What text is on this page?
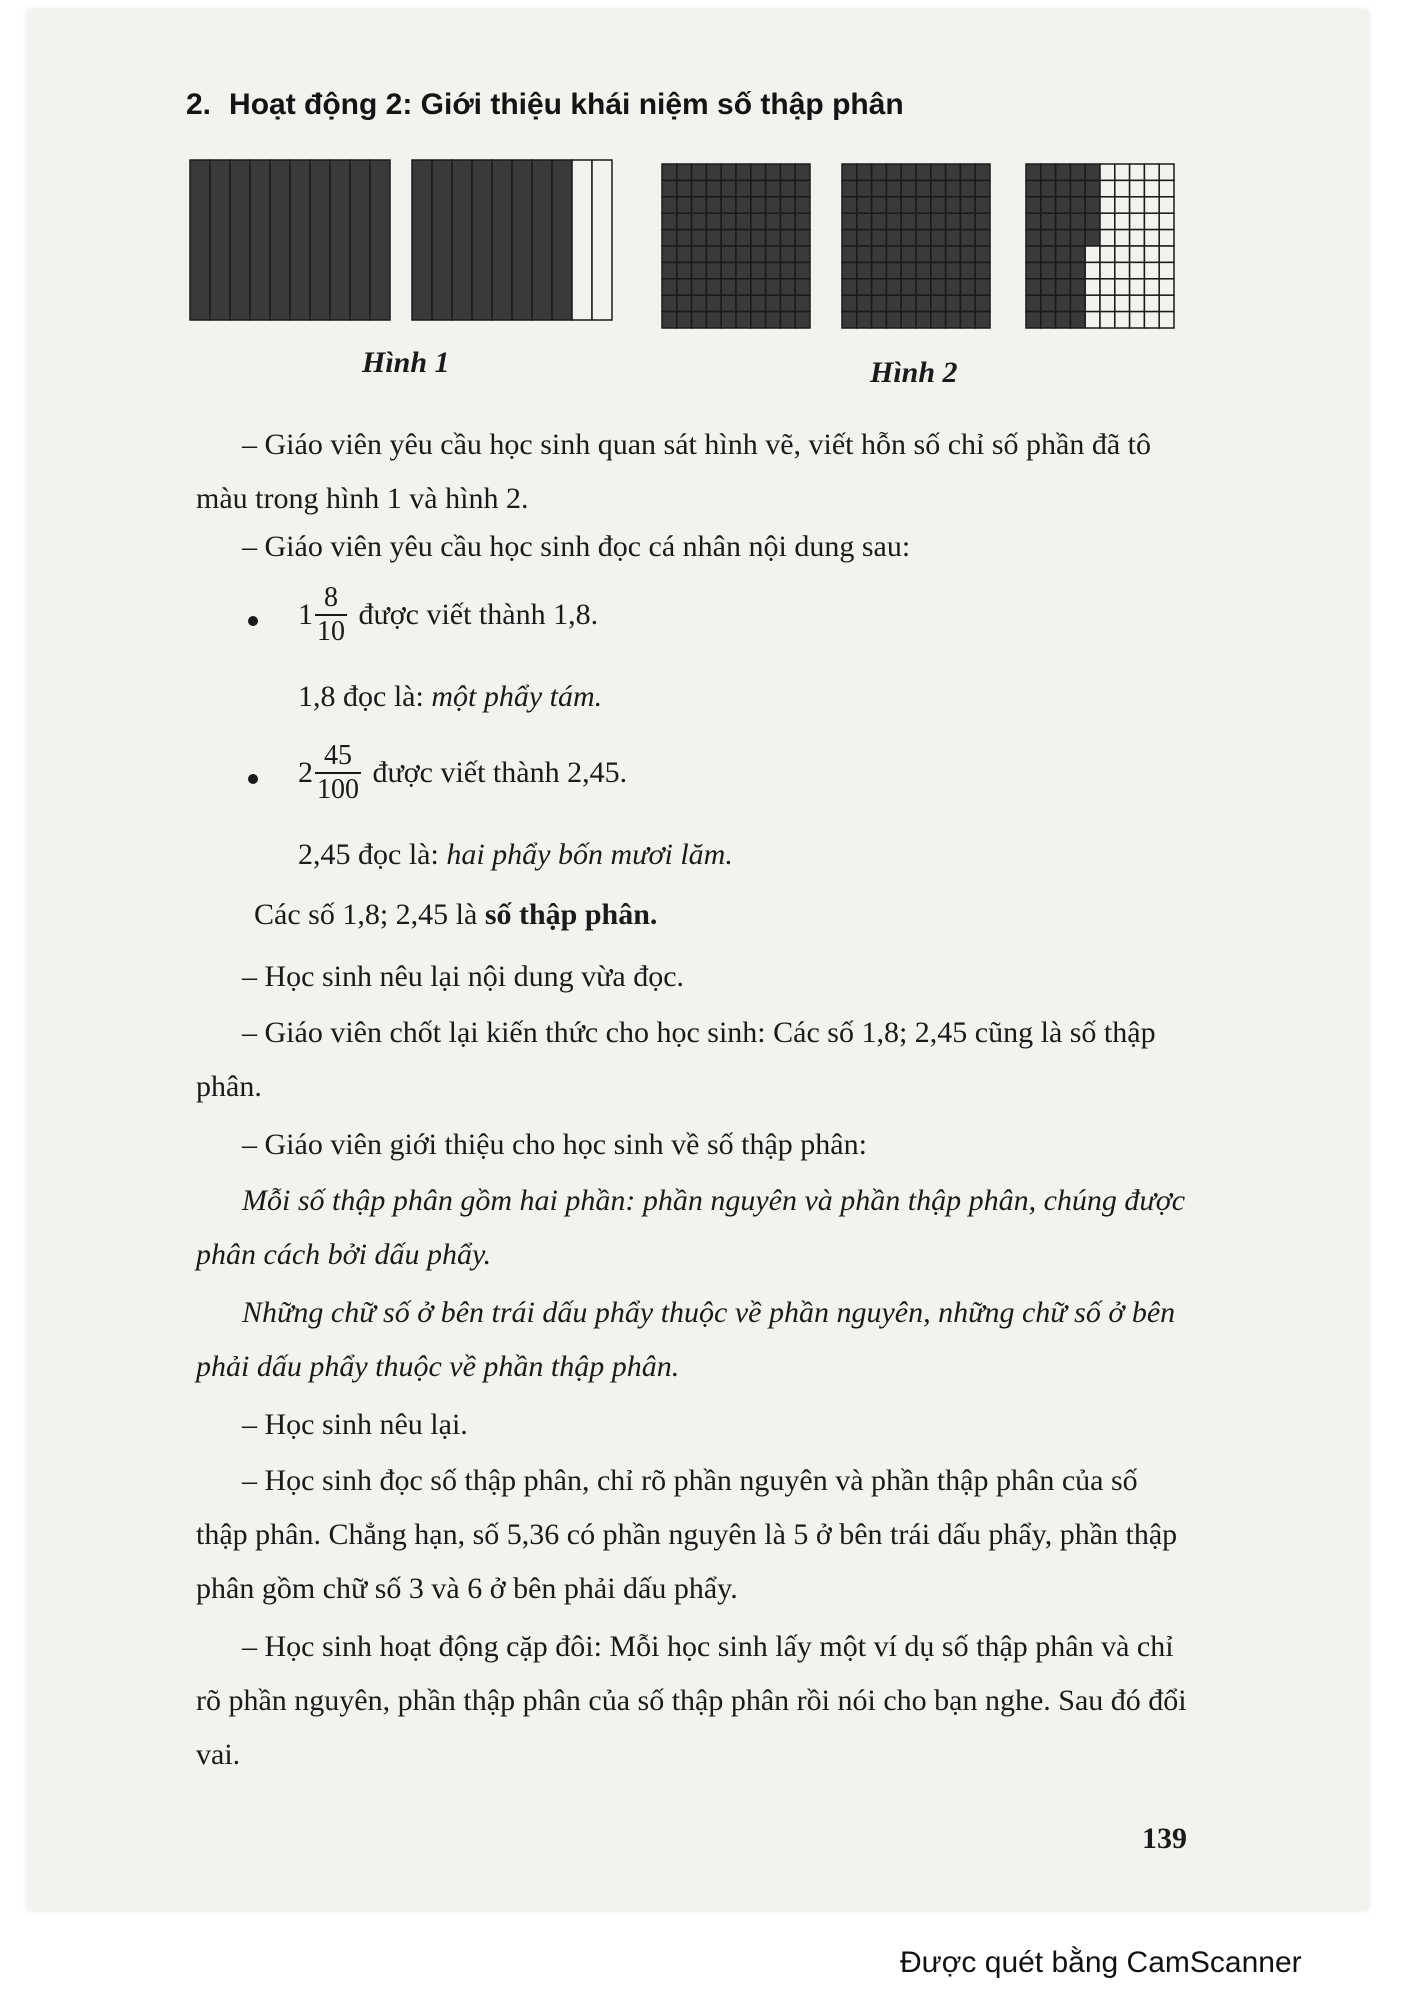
2. Hoạt động 2: Giới thiệu khái niệm số thập phân
Hình 1	Hình 2
– Giáo viên yêu cầu học sinh quan sát hình vẽ, viết hỗn số chỉ số phần đã tô màu trong hình 1 và hình 2.
– Giáo viên yêu cầu học sinh đọc cá nhân nội dung sau:
$1 \frac{8}{10}$ được viết thành 1,8.
1,8 đọc là: một phẩy tám.
$2 \frac{45}{100}$ được viết thành 2,45.
2,45 đọc là: hai phẩy bốn mươi lăm.
Các số 1,8; 2,45 là số thập phân.
– Học sinh nêu lại nội dung vừa đọc.
– Giáo viên chốt lại kiến thức cho học sinh: Các số 1,8; 2,45 cũng là số thập phân.
– Giáo viên giới thiệu cho học sinh về số thập phân:
Mỗi số thập phân gồm hai phần: phần nguyên và phần thập phân, chúng được phân cách bởi dấu phẩy.
Những chữ số ở bên trái dấu phẩy thuộc về phần nguyên, những chữ số ở bên phải dấu phẩy thuộc về phần thập phân.
– Học sinh nêu lại.
– Học sinh đọc số thập phân, chỉ rõ phần nguyên và phần thập phân của số thập phân. Chẳng hạn, số 5,36 có phần nguyên là 5 ở bên trái dấu phẩy, phần thập phân gồm chữ số 3 và 6 ở bên phải dấu phẩy.
– Học sinh hoạt động cặp đôi: Mỗi học sinh lấy một ví dụ số thập phân và chỉ rõ phần nguyên, phần thập phân của số thập phân rồi nói cho bạn nghe. Sau đó đổi vai.
139
Được quét bằng CamScanner
